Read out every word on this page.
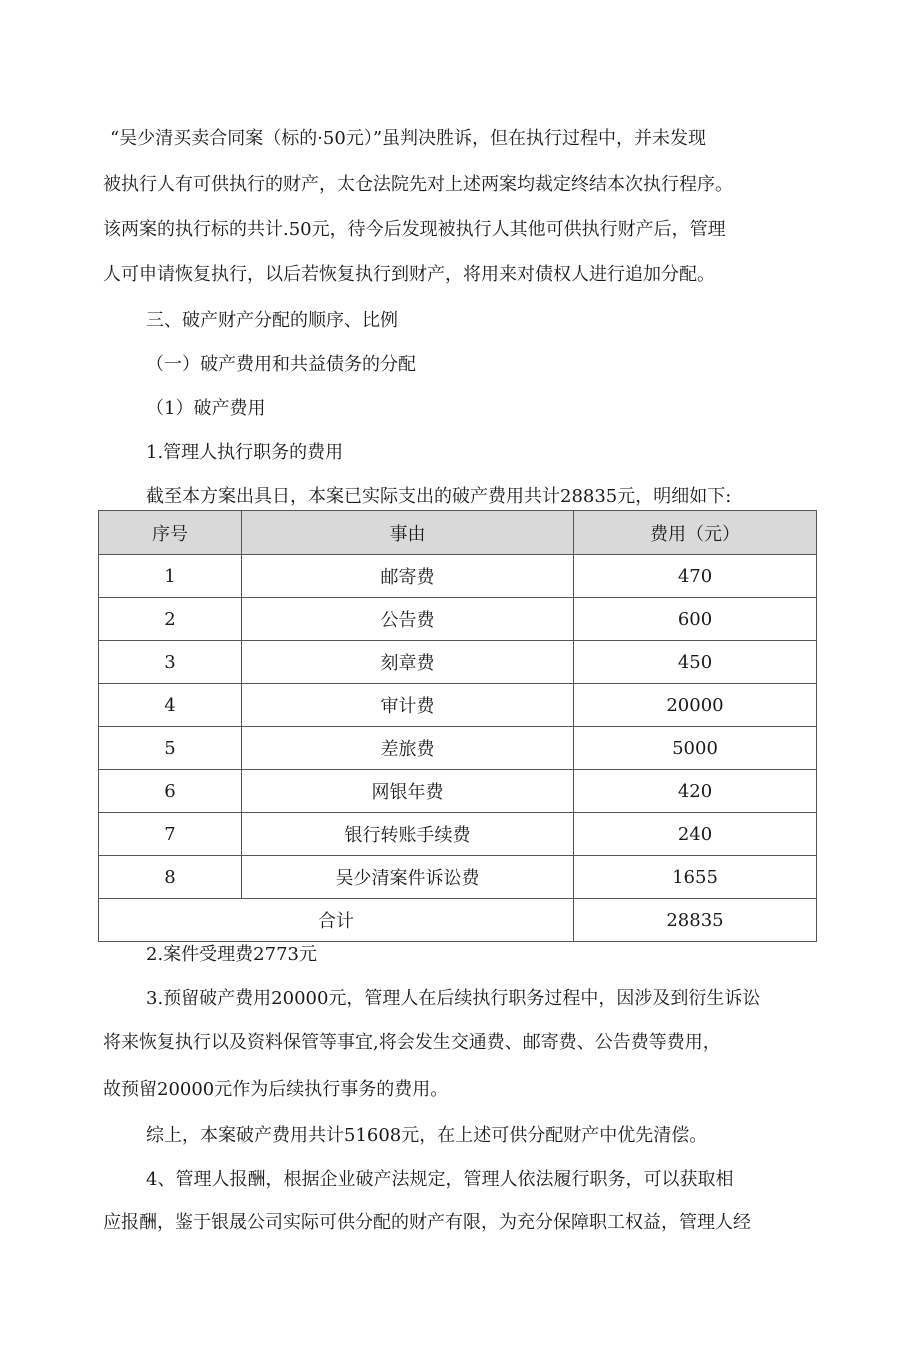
“吴少清买卖合同案（标的·50元）”虽判决胜诉，但在执行过程中，并未发现
被执行人有可供执行的财产，太仓法院先对上述两案均裁定终结本次执行程序。
该两案的执行标的共计.50元，待今后发现被执行人其他可供执行财产后，管理
人可申请恢复执行，以后若恢复执行到财产，将用来对债权人进行追加分配。
三、破产财产分配的顺序、比例
（一）破产费用和共益债务的分配
（1）破产费用
1.管理人执行职务的费用
截至本方案出具日，本案已实际支出的破产费用共计28835元，明细如下:
序号	事由	费用（元）
1	邮寄费	470
2	公告费	600
3	刻章费	450
4	审计费	20000
5	差旅费	5000
6	网银年费	420
7	银行转账手续费	240
8	吴少清案件诉讼费	1655
合计		28835
2.案件受理费2773元
3.预留破产费用20000元，管理人在后续执行职务过程中，因涉及到衍生诉讼
将来恢复执行以及资料保管等事宜,将会发生交通费、邮寄费、公告费等费用，
故预留20000元作为后续执行事务的费用。
综上，本案破产费用共计51608元，在上述可供分配财产中优先清偿。
4、管理人报酬，根据企业破产法规定，管理人依法履行职务，可以获取相
应报酬，鉴于银晟公司实际可供分配的财产有限，为充分保障职工权益，管理人经
